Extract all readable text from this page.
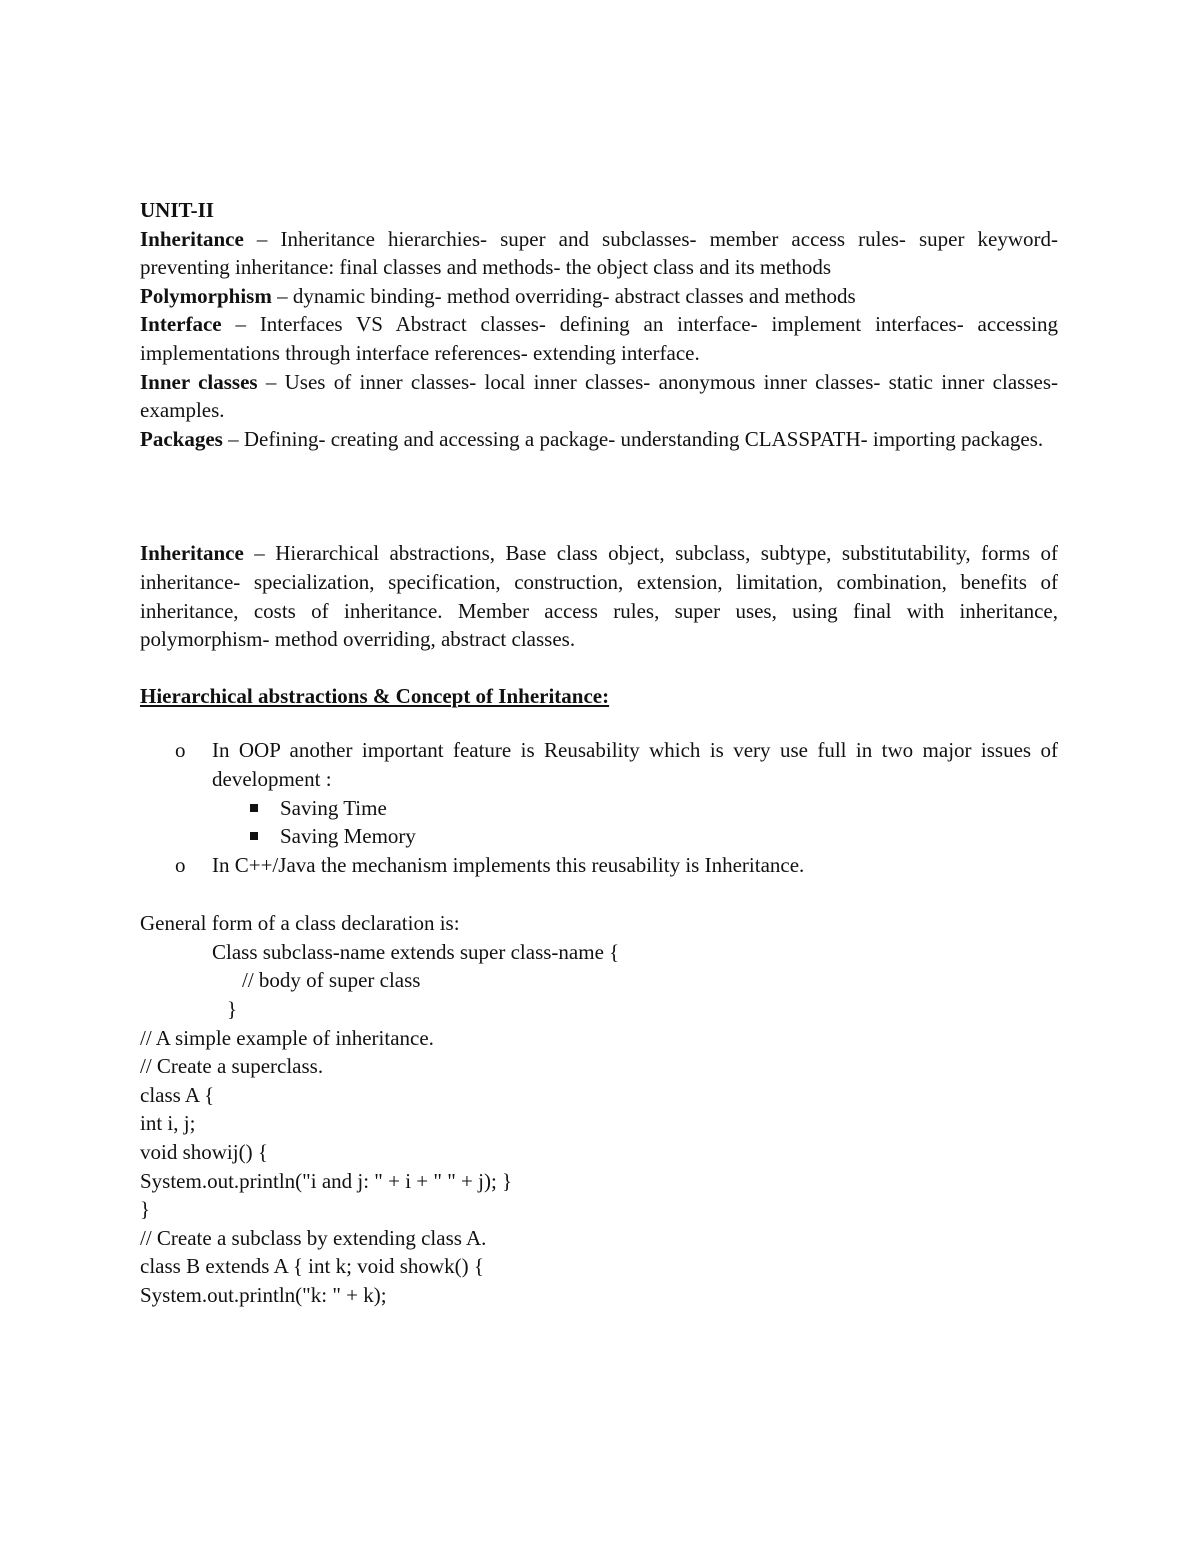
UNIT-II

Inheritance – Inheritance hierarchies- super and subclasses- member access rules- super keyword- preventing inheritance: final classes and methods- the object class and its methods

Polymorphism – dynamic binding- method overriding- abstract classes and methods

Interface – Interfaces VS Abstract classes- defining an interface- implement interfaces- accessing implementations through interface references- extending interface.

Inner classes – Uses of inner classes- local inner classes- anonymous inner classes- static inner classes- examples.

Packages – Defining- creating and accessing a package- understanding CLASSPATH- importing packages.

Inheritance – Hierarchical abstractions, Base class object, subclass, subtype, substitutability, forms of inheritance- specialization, specification, construction, extension, limitation, combination, benefits of inheritance, costs of inheritance. Member access rules, super uses, using final with inheritance, polymorphism- method overriding, abstract classes.

Hierarchical abstractions & Concept of Inheritance:

o In OOP another important feature is Reusability which is very use full in two major issues of development :
Saving Time
Saving Memory
o In C++/Java the mechanism implements this reusability is Inheritance.

General form of a class declaration is:

Class subclass-name extends super class-name {

// body of super class

}

// A simple example of inheritance.

// Create a superclass.

class A {

int i, j;

void showij() {

System.out.println("i and j: " + i + " " + j); }

}

// Create a subclass by extending class A.

class B extends A { int k; void showk() {

System.out.println("k: " + k);
